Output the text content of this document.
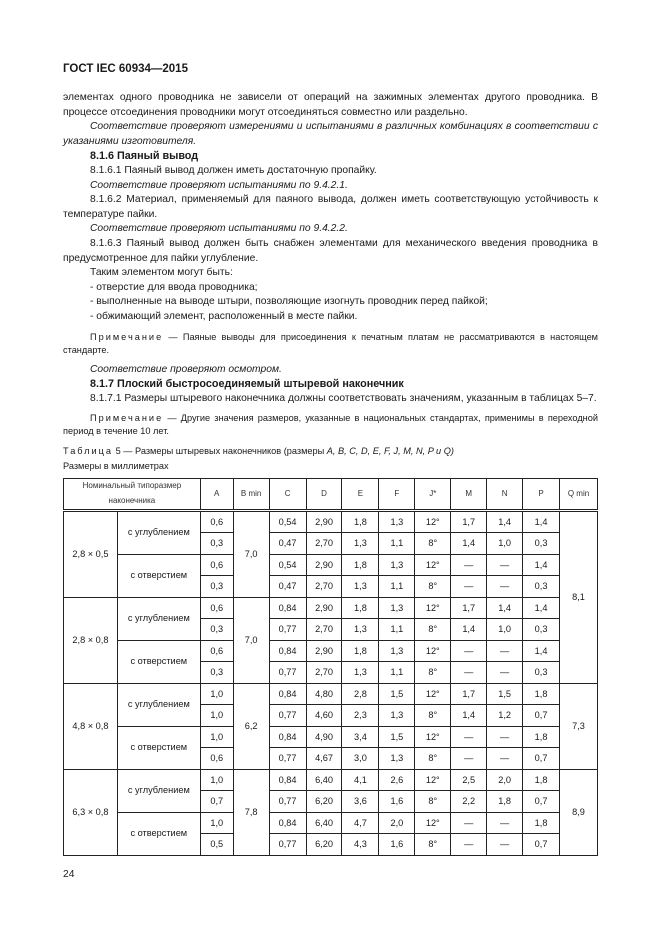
ГОСТ IEC 60934—2015

элементах одного проводника не зависели от операций на зажимных элементах другого проводника. В процессе отсоединения проводники могут отсоединяться совместно или раздельно.

Соответствие проверяют измерениями и испытаниями в различных комбинациях в соответствии с указаниями изготовителя.

8.1.6 Паяный вывод

8.1.6.1 Паяный вывод должен иметь достаточную пропайку.

Соответствие проверяют испытаниями по 9.4.2.1.

8.1.6.2 Материал, применяемый для паяного вывода, должен иметь соответствующую устойчивость к температуре пайки.

Соответствие проверяют испытаниями по 9.4.2.2.

8.1.6.3 Паяный вывод должен быть снабжен элементами для механического введения проводника в предусмотренное для пайки углубление.

Таким элементом могут быть:

- отверстие для ввода проводника;

- выполненные на выводе штыри, позволяющие изогнуть проводник перед пайкой;

- обжимающий элемент, расположенный в месте пайки.

Примечание — Паяные выводы для присоединения к печатным платам не рассматриваются в настоящем стандарте.

Соответствие проверяют осмотром.

8.1.7 Плоский быстросоединяемый штыревой наконечник

8.1.7.1 Размеры штыревого наконечника должны соответствовать значениям, указанным в таблицах 5–7.

Примечание — Другие значения размеров, указанные в национальных стандартах, применимы в переходной период в течение 10 лет.

Таблица 5 — Размеры штыревых наконечников (размеры A, B, C, D, E, F, J, M, N, P и Q)

Размеры в миллиметрах

Номинальный типоразмер наконечника		A	B min	C	D	E	F	J*	M	N	P	Q min
2,8 × 0,5	с углублением	0,6	7,0	0,54	2,90	1,8	1,3	12°	1,7	1,4	1,4	8,1
		0,3		0,47	2,70	1,3	1,1	8°	1,4	1,0	0,3	
	с отверстием	0,6		0,54	2,90	1,8	1,3	12°	—	—	1,4	
		0,3		0,47	2,70	1,3	1,1	8°	—	—	0,3	
2,8 × 0,8	с углублением	0,6	7,0	0,84	2,90	1,8	1,3	12°	1,7	1,4	1,4	
		0,3		0,77	2,70	1,3	1,1	8°	1,4	1,0	0,3	
	с отверстием	0,6		0,84	2,90	1,8	1,3	12°	—	—	1,4	
		0,3		0,77	2,70	1,3	1,1	8°	—	—	0,3	
4,8 × 0,8	с углублением	1,0	6,2	0,84	4,80	2,8	1,5	12°	1,7	1,5	1,8	7,3
		1,0		0,77	4,60	2,3	1,3	8°	1,4	1,2	0,7	
	с отверстием	1,0		0,84	4,90	3,4	1,5	12°	—	—	1,8	
		0,6		0,77	4,67	3,0	1,3	8°	—	—	0,7	
6,3 × 0,8	с углублением	1,0	7,8	0,84	6,40	4,1	2,6	12°	2,5	2,0	1,8	8,9
		0,7		0,77	6,20	3,6	1,6	8°	2,2	1,8	0,7	
	с отверстием	1,0		0,84	6,40	4,7	2,0	12°	—	—	1,8	
		0,5		0,77	6,20	4,3	1,6	8°	—	—	0,7	
24
